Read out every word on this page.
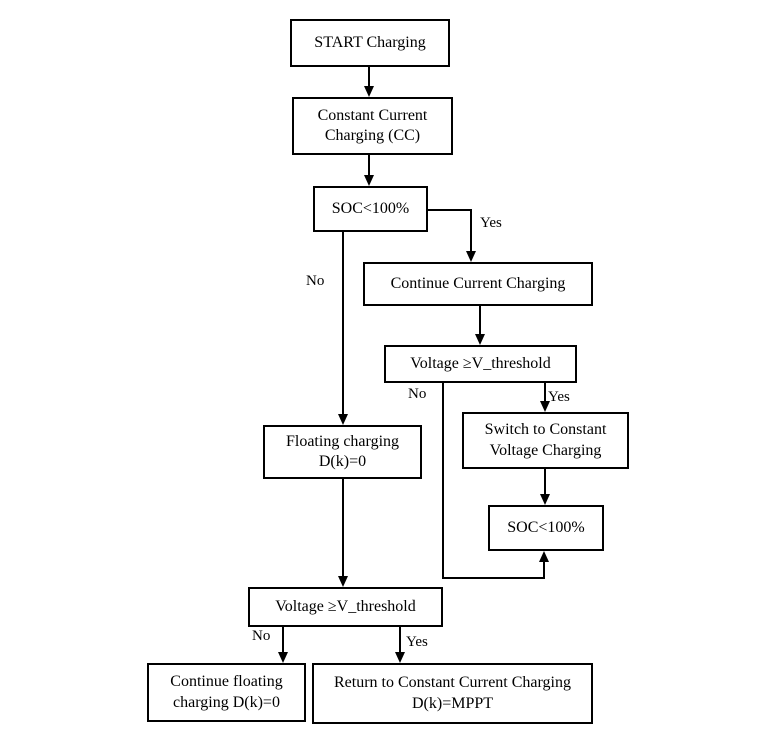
START Charging
Constant Current Charging (CC)
SOC<100%
Continue Current Charging
Voltage ≥V_threshold
Switch to Constant Voltage Charging
SOC<100%
Floating charging D(k)=0
Voltage ≥V_threshold
Continue floating charging D(k)=0
Return to Constant Current Charging D(k)=MPPT
Yes
No
Yes
No
No	Yes
